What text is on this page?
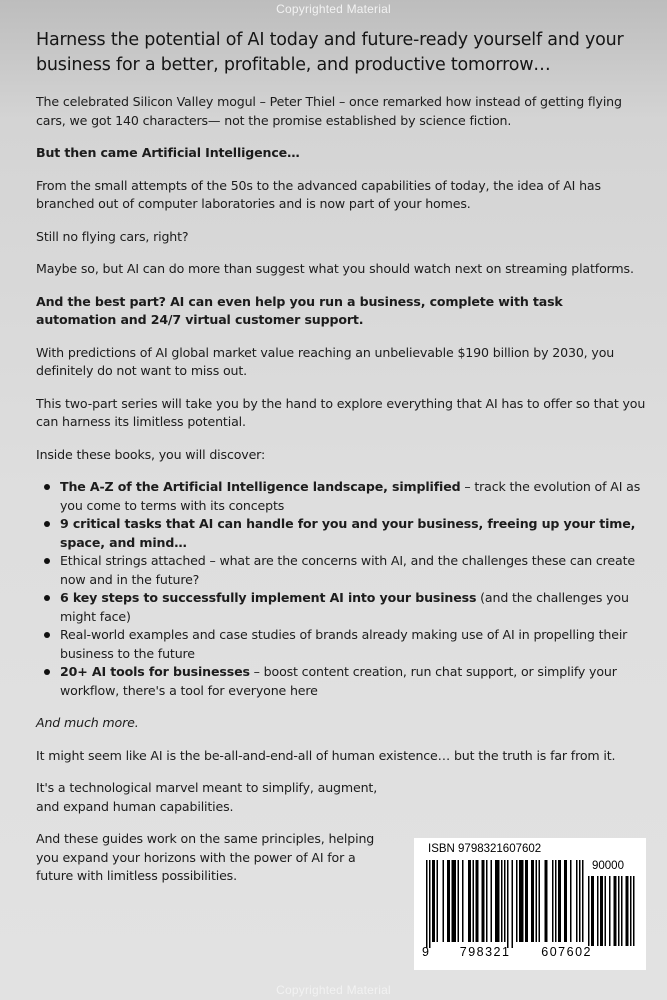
Copyrighted Material
Harness the potential of AI today and future-ready yourself and your business for a better, profitable, and productive tomorrow…

The celebrated Silicon Valley mogul – Peter Thiel – once remarked how instead of getting flying cars, we got 140 characters— not the promise established by science fiction.

But then came Artificial Intelligence…

From the small attempts of the 50s to the advanced capabilities of today, the idea of AI has branched out of computer laboratories and is now part of your homes.

Still no flying cars, right?

Maybe so, but AI can do more than suggest what you should watch next on streaming platforms.

And the best part? AI can even help you run a business, complete with task automation and 24/7 virtual customer support.

With predictions of AI global market value reaching an unbelievable $190 billion by 2030, you definitely do not want to miss out.

This two-part series will take you by the hand to explore everything that AI has to offer so that you can harness its limitless potential.

Inside these books, you will discover:

The A-Z of the Artificial Intelligence landscape, simplified – track the evolution of AI as you come to terms with its concepts
9 critical tasks that AI can handle for you and your business, freeing up your time, space, and mind…
Ethical strings attached – what are the concerns with AI, and the challenges these can create now and in the future?
6 key steps to successfully implement AI into your business (and the challenges you might face)
Real-world examples and case studies of brands already making use of AI in propelling their business to the future
20+ AI tools for businesses – boost content creation, run chat support, or simplify your workflow, there's a tool for everyone here

And much more.

It might seem like AI is the be-all-and-end-all of human existence… but the truth is far from it.

It's a technological marvel meant to simplify, augment, and expand human capabilities.

And these guides work on the same principles, helping you expand your horizons with the power of AI for a future with limitless possibilities.

ISBN 9798321607602
90000
9 798321 607602
Copyrighted Material
